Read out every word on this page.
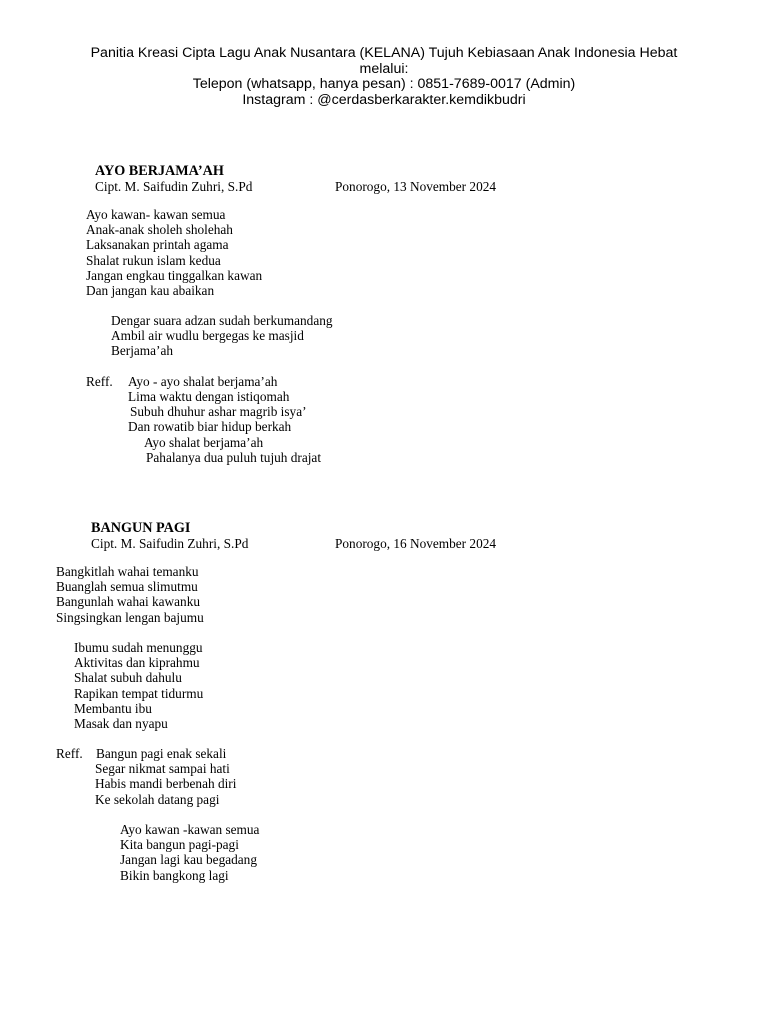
Panitia Kreasi Cipta Lagu Anak Nusantara (KELANA) Tujuh Kebiasaan Anak Indonesia Hebat
melalui:
Telepon (whatsapp, hanya pesan) : 0851-7689-0017 (Admin)
Instagram : @cerdasberkarakter.kemdikbudri
AYO BERJAMA’AH
Cipt. M. Saifudin Zuhri, S.Pd	Ponorogo, 13 November 2024
Ayo kawan- kawan semua
Anak-anak sholeh sholehah
Laksanakan printah agama
Shalat rukun islam kedua
Jangan engkau tinggalkan kawan
Dan jangan kau abaikan
Dengar suara adzan sudah berkumandang
Ambil air wudlu bergegas ke masjid
Berjama’ah
Reff. Ayo - ayo shalat berjama’ah
Lima waktu dengan istiqomah
Subuh dhuhur ashar magrib isya’
Dan rowatib biar hidup berkah
Ayo shalat berjama’ah
Pahalanya dua puluh tujuh drajat
BANGUN PAGI
Cipt. M. Saifudin Zuhri, S.Pd	Ponorogo, 16 November 2024
Bangkitlah wahai temanku
Buanglah semua slimutmu
Bangunlah wahai kawanku
Singsingkan lengan bajumu
Ibumu sudah menunggu
Aktivitas dan kiprahmu
Shalat subuh dahulu
Rapikan tempat tidurmu
Membantu ibu
Masak dan nyapu
Reff. Bangun pagi enak sekali
Segar nikmat sampai hati
Habis mandi berbenah diri
Ke sekolah datang pagi
Ayo kawan -kawan semua
Kita bangun pagi-pagi
Jangan lagi kau begadang
Bikin bangkong lagi
